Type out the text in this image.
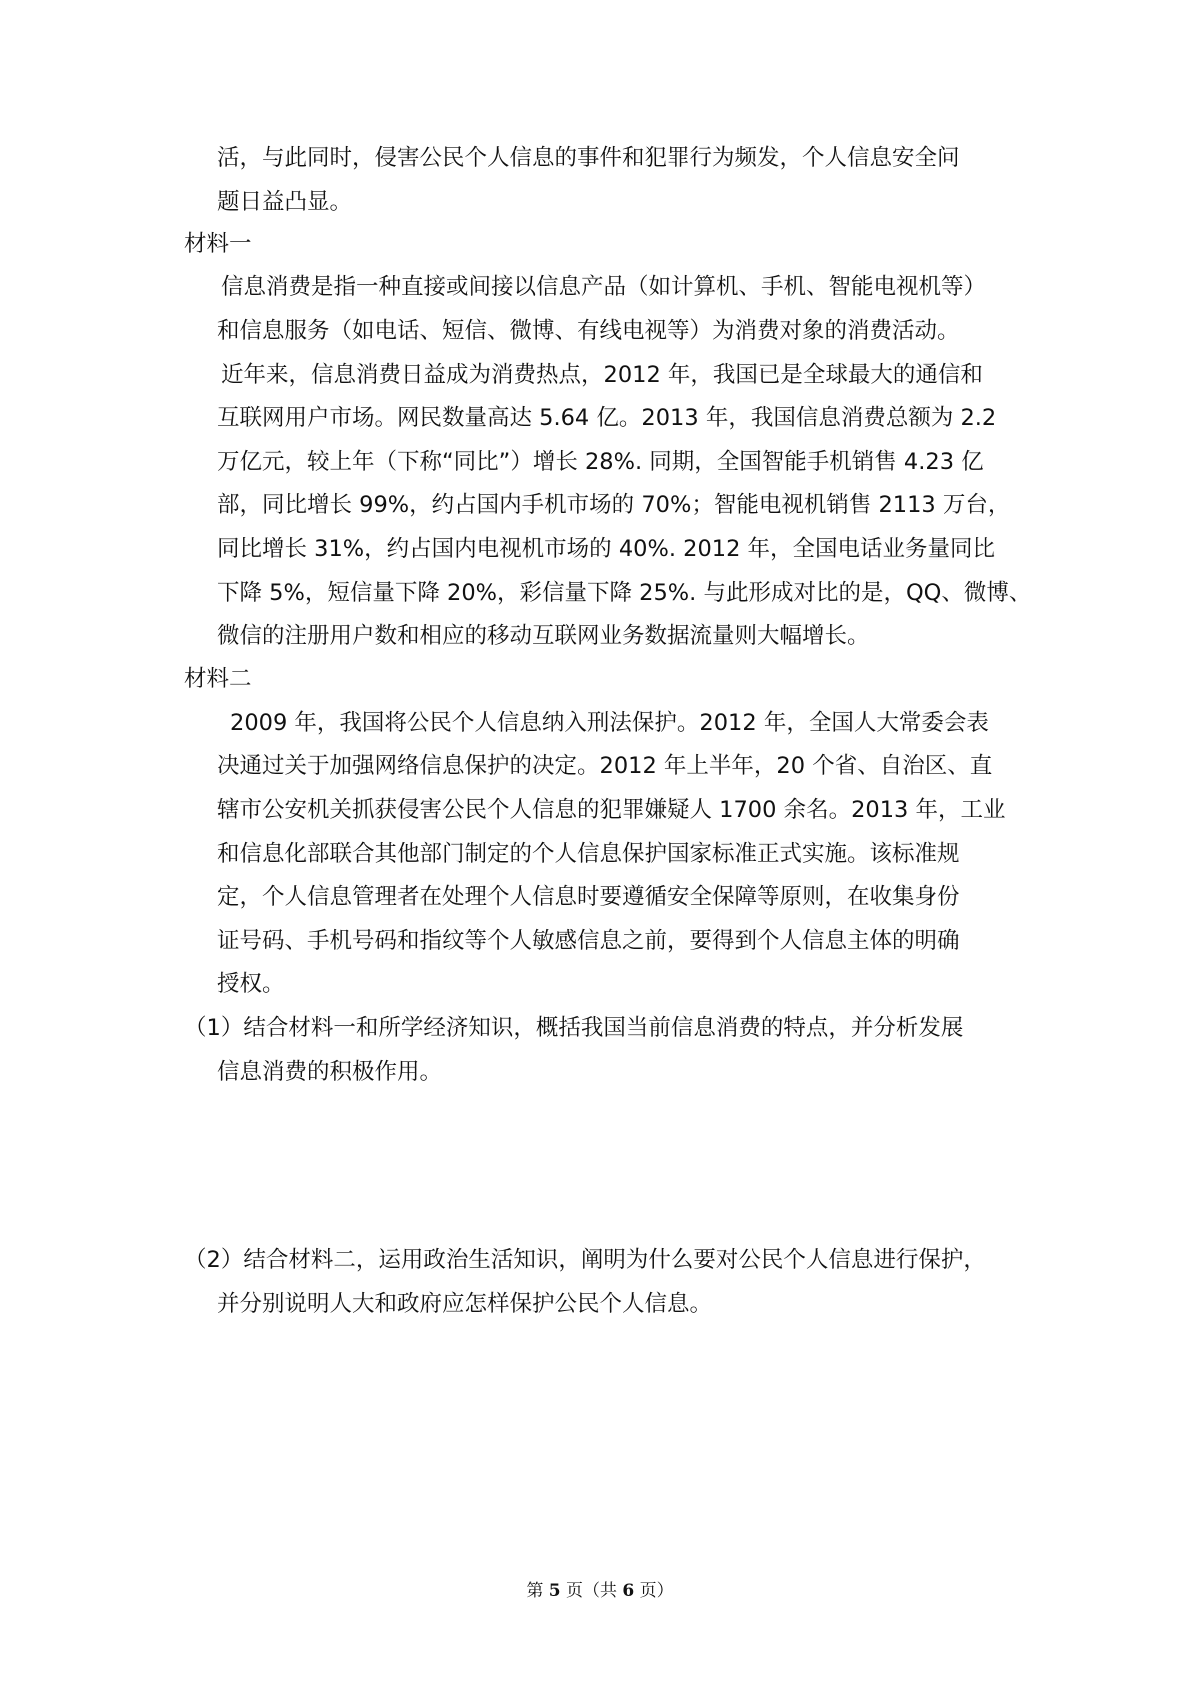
活，与此同时，侵害公民个人信息的事件和犯罪行为频发，个人信息安全问
题日益凸显。
材料一
信息消费是指一种直接或间接以信息产品（如计算机、手机、智能电视机等）
和信息服务（如电话、短信、微博、有线电视等）为消费对象的消费活动。
近年来，信息消费日益成为消费热点，2012 年，我国已是全球最大的通信和
互联网用户市场。网民数量高达 5.64 亿。2013 年，我国信息消费总额为 2.2
万亿元，较上年（下称“同比”）增长 28%. 同期，全国智能手机销售 4.23 亿
部，同比增长 99%，约占国内手机市场的 70%；智能电视机销售 2113 万台，
同比增长 31%，约占国内电视机市场的 40%. 2012 年，全国电话业务量同比
下降 5%，短信量下降 20%，彩信量下降 25%. 与此形成对比的是，QQ、微博、
微信的注册用户数和相应的移动互联网业务数据流量则大幅增长。
材料二
2009 年，我国将公民个人信息纳入刑法保护。2012 年，全国人大常委会表
决通过关于加强网络信息保护的决定。2012 年上半年，20 个省、自治区、直
辖市公安机关抓获侵害公民个人信息的犯罪嫌疑人 1700 余名。2013 年，工业
和信息化部联合其他部门制定的个人信息保护国家标准正式实施。该标准规
定，个人信息管理者在处理个人信息时要遵循安全保障等原则，在收集身份
证号码、手机号码和指纹等个人敏感信息之前，要得到个人信息主体的明确
授权。
（1）结合材料一和所学经济知识，概括我国当前信息消费的特点，并分析发展
信息消费的积极作用。
（2）结合材料二，运用政治生活知识，阐明为什么要对公民个人信息进行保护，
并分别说明人大和政府应怎样保护公民个人信息。
第 5 页（共 6 页）
